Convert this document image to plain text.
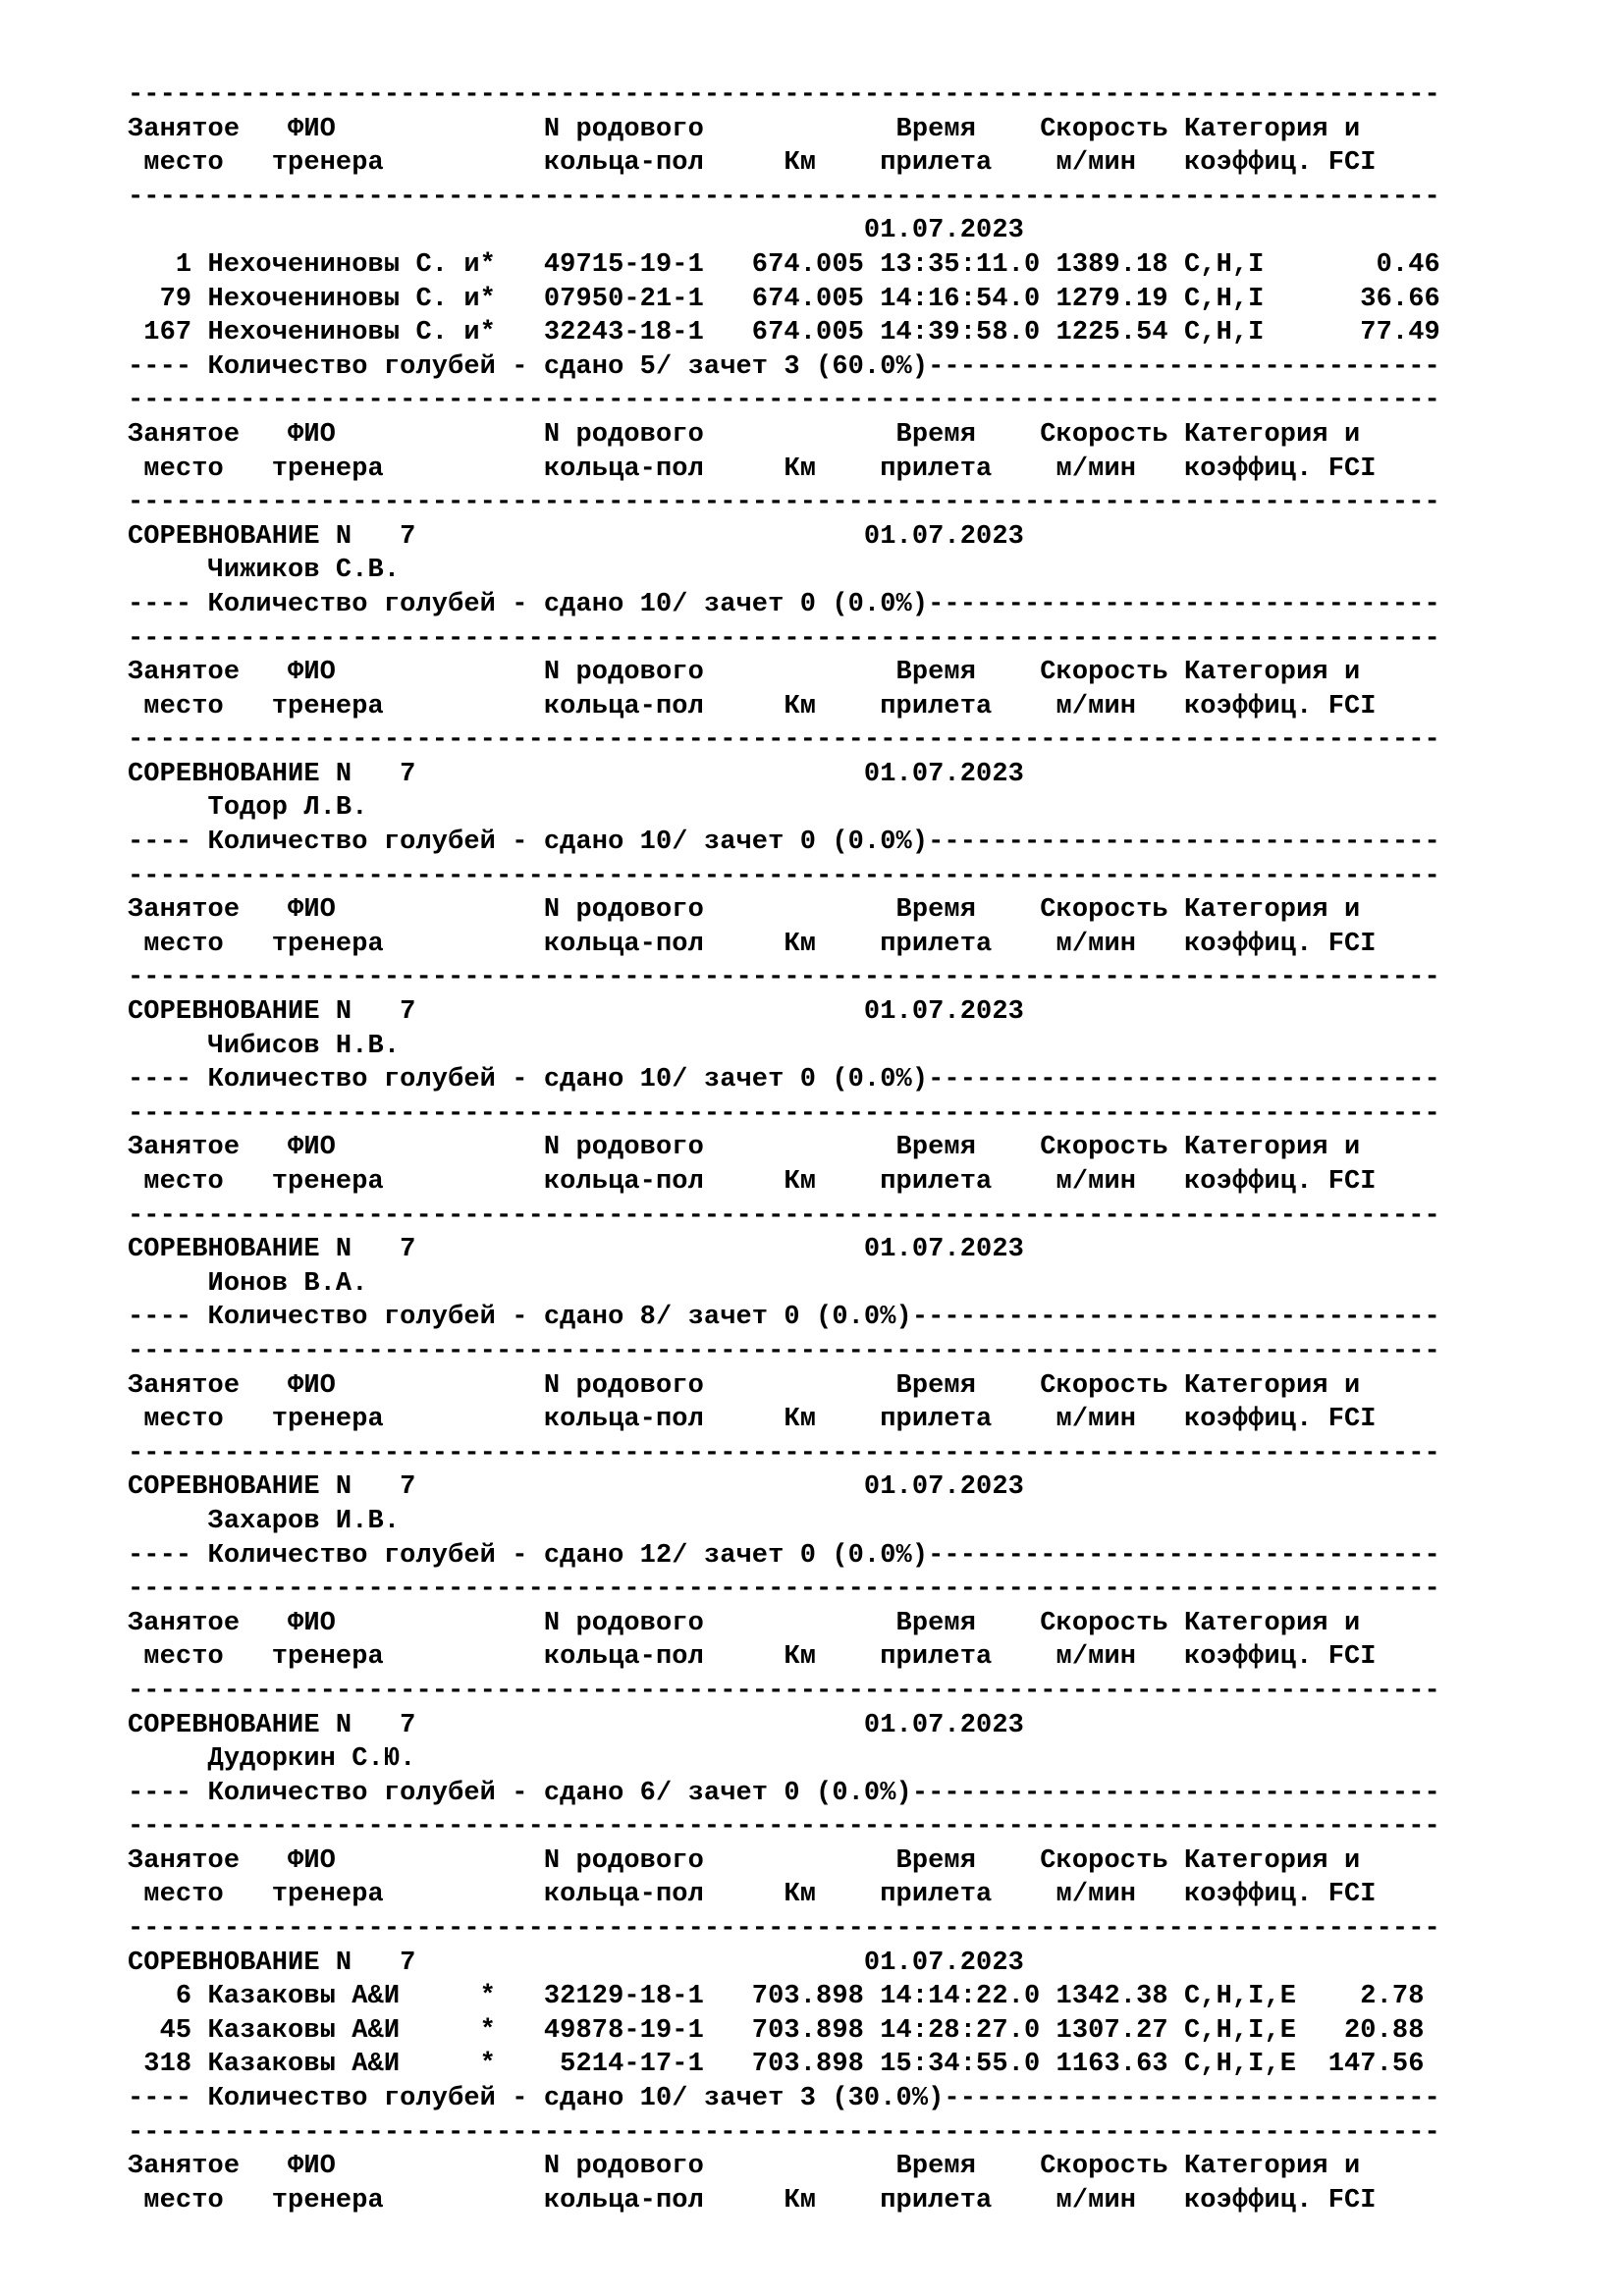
----------------------------------------------------------------------------------
Занятое   ФИО             N родового            Время    Скорость Категория и
место   тренера          кольца-пол     Км    прилета    м/мин   коэффиц. FCI
----------------------------------------------------------------------------------
01.07.2023
1 Нехочениновы С. и*   49715-19-1   674.005 13:35:11.0 1389.18 C,H,I       0.46
79 Нехочениновы С. и*   07950-21-1   674.005 14:16:54.0 1279.19 C,H,I      36.66
167 Нехочениновы С. и*   32243-18-1   674.005 14:39:58.0 1225.54 C,H,I      77.49
---- Количество голубей - сдано 5/ зачет 3 (60.0%)--------------------------------
----------------------------------------------------------------------------------
Занятое   ФИО             N родового            Время    Скорость Категория и
место   тренера          кольца-пол     Км    прилета    м/мин   коэффиц. FCI
----------------------------------------------------------------------------------
СОРЕВНОВАНИЕ N   7                            01.07.2023
Чижиков С.В.
---- Количество голубей - сдано 10/ зачет 0 (0.0%)--------------------------------
----------------------------------------------------------------------------------
Занятое   ФИО             N родового            Время    Скорость Категория и
место   тренера          кольца-пол     Км    прилета    м/мин   коэффиц. FCI
----------------------------------------------------------------------------------
СОРЕВНОВАНИЕ N   7                            01.07.2023
Тодор Л.В.
---- Количество голубей - сдано 10/ зачет 0 (0.0%)--------------------------------
----------------------------------------------------------------------------------
Занятое   ФИО             N родового            Время    Скорость Категория и
место   тренера          кольца-пол     Км    прилета    м/мин   коэффиц. FCI
----------------------------------------------------------------------------------
СОРЕВНОВАНИЕ N   7                            01.07.2023
Чибисов Н.В.
---- Количество голубей - сдано 10/ зачет 0 (0.0%)--------------------------------
----------------------------------------------------------------------------------
Занятое   ФИО             N родового            Время    Скорость Категория и
место   тренера          кольца-пол     Км    прилета    м/мин   коэффиц. FCI
----------------------------------------------------------------------------------
СОРЕВНОВАНИЕ N   7                            01.07.2023
Ионов В.А.
---- Количество голубей - сдано 8/ зачет 0 (0.0%)---------------------------------
----------------------------------------------------------------------------------
Занятое   ФИО             N родового            Время    Скорость Категория и
место   тренера          кольца-пол     Км    прилета    м/мин   коэффиц. FCI
----------------------------------------------------------------------------------
СОРЕВНОВАНИЕ N   7                            01.07.2023
Захаров И.В.
---- Количество голубей - сдано 12/ зачет 0 (0.0%)--------------------------------
----------------------------------------------------------------------------------
Занятое   ФИО             N родового            Время    Скорость Категория и
место   тренера          кольца-пол     Км    прилета    м/мин   коэффиц. FCI
----------------------------------------------------------------------------------
СОРЕВНОВАНИЕ N   7                            01.07.2023
Дудоркин С.Ю.
---- Количество голубей - сдано 6/ зачет 0 (0.0%)---------------------------------
----------------------------------------------------------------------------------
Занятое   ФИО             N родового            Время    Скорость Категория и
место   тренера          кольца-пол     Км    прилета    м/мин   коэффиц. FCI
----------------------------------------------------------------------------------
СОРЕВНОВАНИЕ N   7                            01.07.2023
6 Казаковы А&И     *   32129-18-1   703.898 14:14:22.0 1342.38 C,H,I,E    2.78
45 Казаковы А&И     *   49878-19-1   703.898 14:28:27.0 1307.27 C,H,I,E   20.88
318 Казаковы А&И     *    5214-17-1   703.898 15:34:55.0 1163.63 C,H,I,E  147.56
---- Количество голубей - сдано 10/ зачет 3 (30.0%)-------------------------------
----------------------------------------------------------------------------------
Занятое   ФИО             N родового            Время    Скорость Категория и
место   тренера          кольца-пол     Км    прилета    м/мин   коэффиц. FCI
